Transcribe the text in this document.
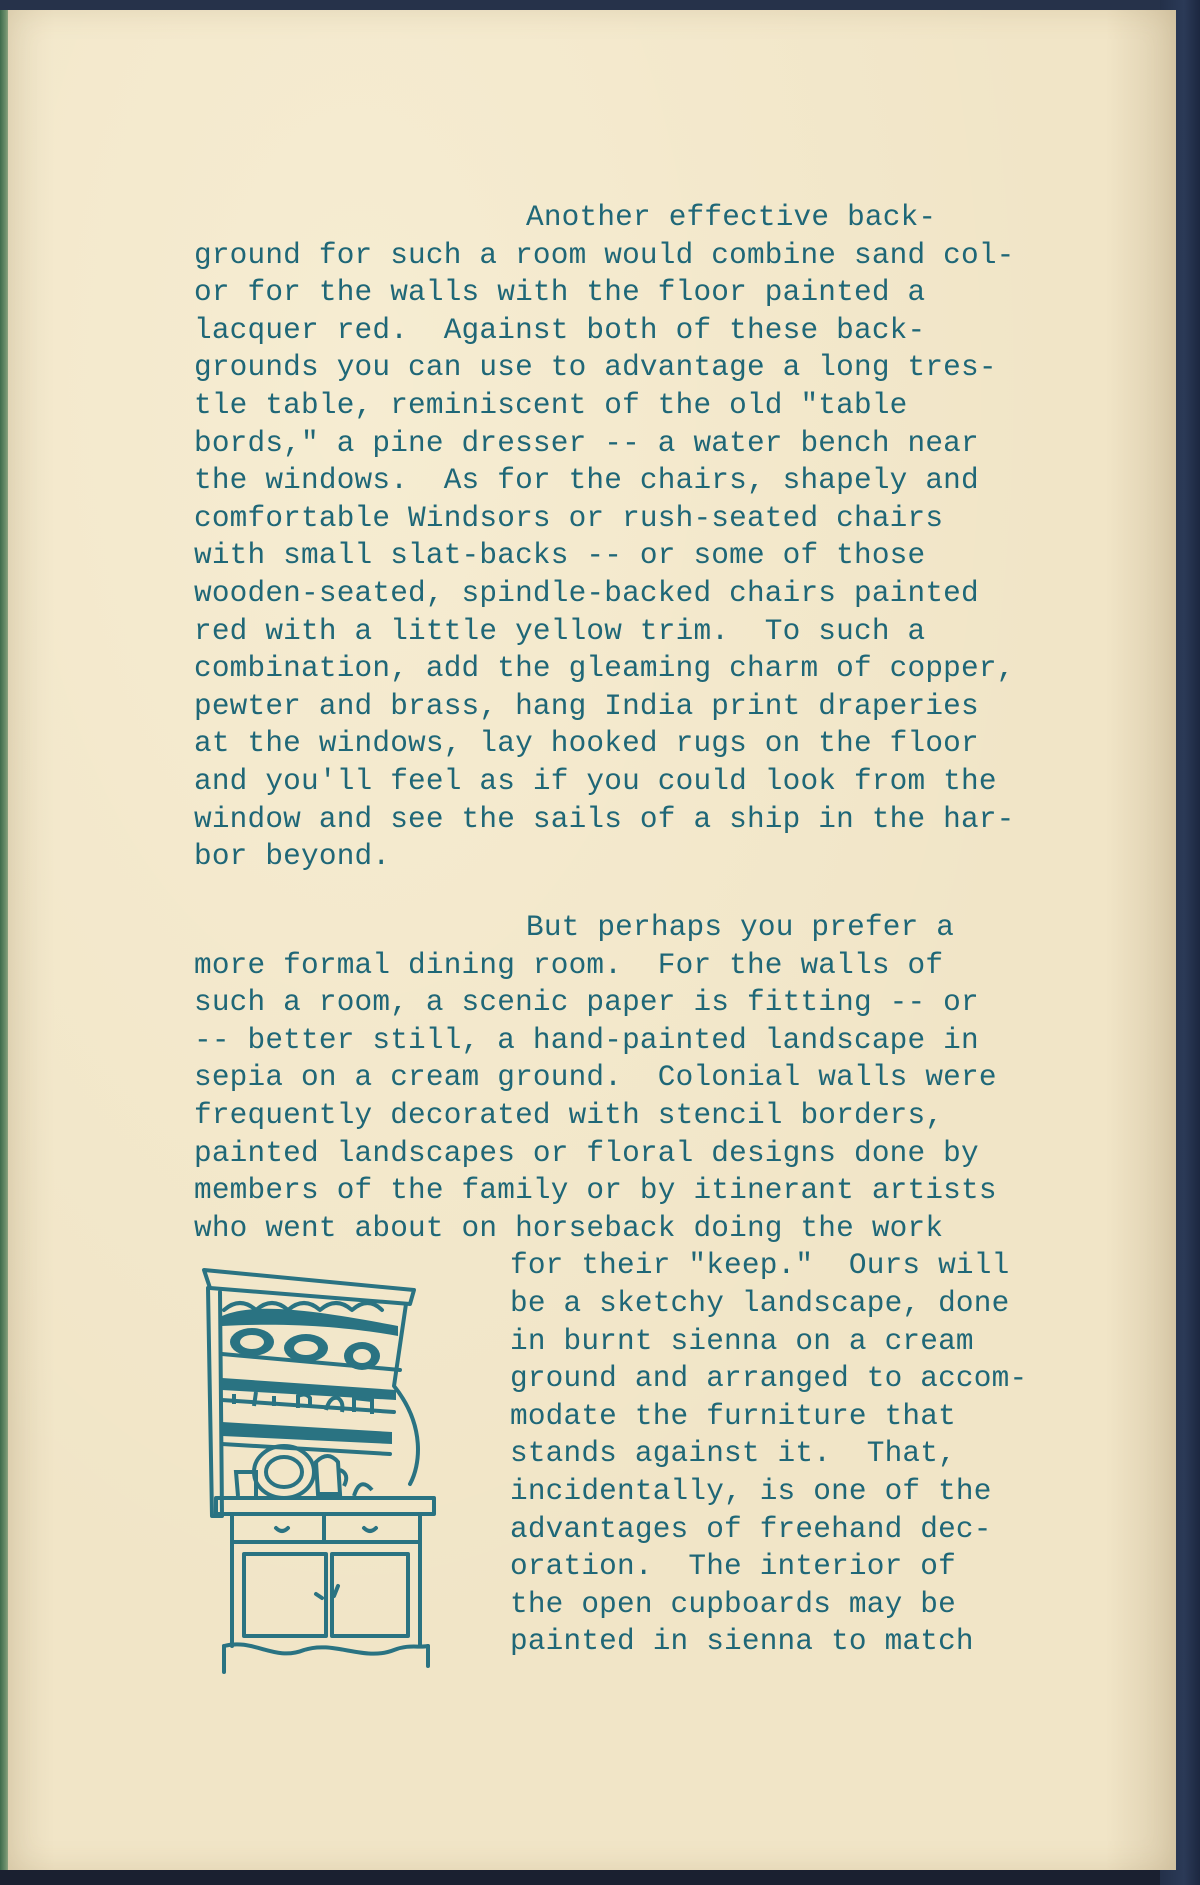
Another effective back-
ground for such a room would combine sand col-
or for the walls with the floor painted a
lacquer red.  Against both of these back-
grounds you can use to advantage a long tres-
tle table, reminiscent of the old "table
bords," a pine dresser -- a water bench near
the windows.  As for the chairs, shapely and
comfortable Windsors or rush-seated chairs
with small slat-backs -- or some of those
wooden-seated, spindle-backed chairs painted
red with a little yellow trim.  To such a
combination, add the gleaming charm of copper,
pewter and brass, hang India print draperies
at the windows, lay hooked rugs on the floor
and you'll feel as if you could look from the
window and see the sails of a ship in the har-
bor beyond.
But perhaps you prefer a
more formal dining room.  For the walls of
such a room, a scenic paper is fitting -- or
-- better still, a hand-painted landscape in
sepia on a cream ground.  Colonial walls were
frequently decorated with stencil borders,
painted landscapes or floral designs done by
members of the family or by itinerant artists
who went about on horseback doing the work
for their "keep."  Ours will
be a sketchy landscape, done
in burnt sienna on a cream
ground and arranged to accom-
modate the furniture that
stands against it.  That,
incidentally, is one of the
advantages of freehand dec-
oration.  The interior of
the open cupboards may be
painted in sienna to match
